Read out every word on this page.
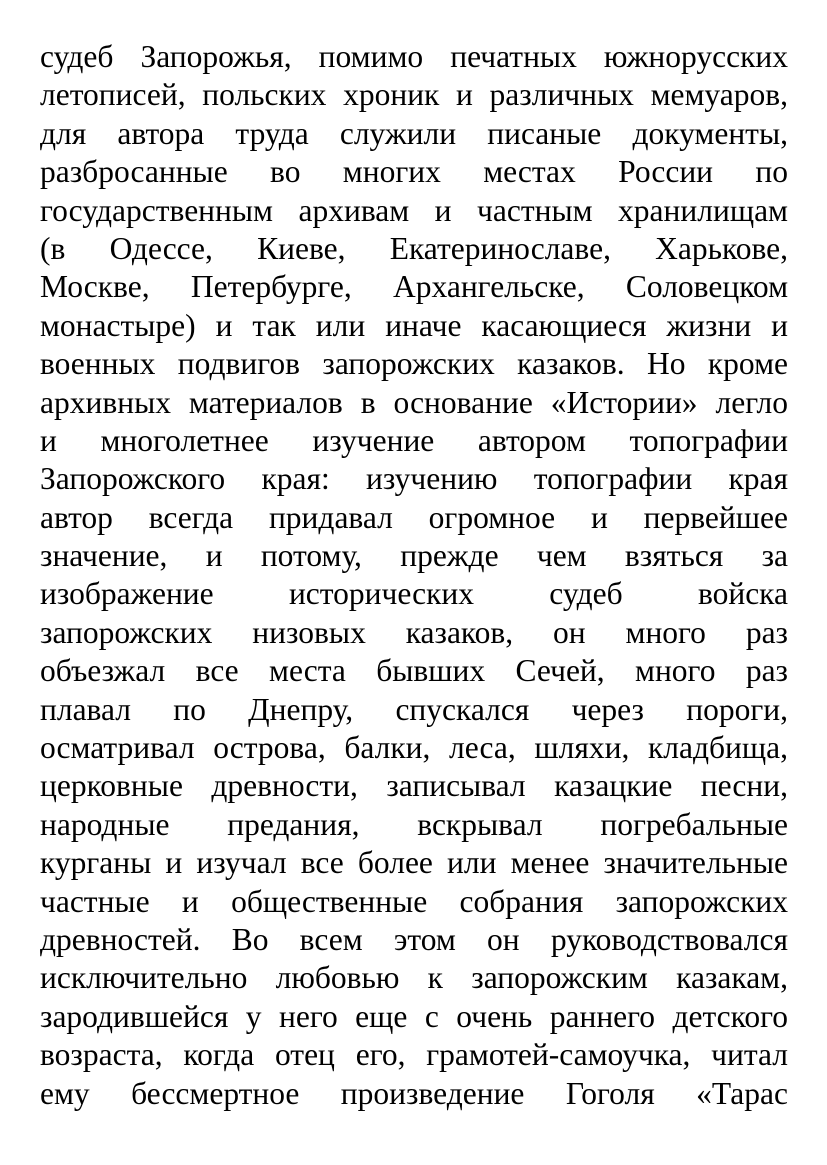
судеб Запорожья, помимо печатных южнорусских
летописей, польских хроник и различных мемуаров,
для автора труда служили писаные документы,
разбросанные во многих местах России по
государственным архивам и частным хранилищам
(в Одессе, Киеве, Екатеринославе, Харькове,
Москве, Петербурге, Архангельске, Соловецком
монастыре) и так или иначе касающиеся жизни и
военных подвигов запорожских казаков. Но кроме
архивных материалов в основание «Истории» легло
и многолетнее изучение автором топографии
Запорожского края: изучению топографии края
автор всегда придавал огромное и первейшее
значение, и потому, прежде чем взяться за
изображение исторических судеб войска
запорожских низовых казаков, он много раз
объезжал все места бывших Сечей, много раз
плавал по Днепру, спускался через пороги,
осматривал острова, балки, леса, шляхи, кладбища,
церковные древности, записывал казацкие песни,
народные предания, вскрывал погребальные
курганы и изучал все более или менее значительные
частные и общественные собрания запорожских
древностей. Во всем этом он руководствовался
исключительно любовью к запорожским казакам,
зародившейся у него еще с очень раннего детского
возраста, когда отец его, грамотей-самоучка, читал
ему бессмертное произведение Гоголя «Тарас
